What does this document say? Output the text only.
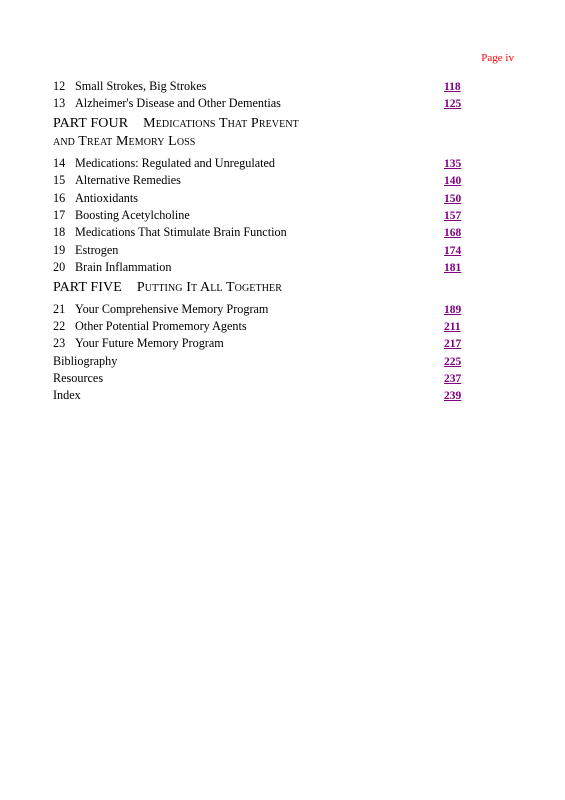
Page iv
12 Small Strokes, Big Strokes	118
13 Alzheimer's Disease and Other Dementias	125
PART FOUR Medications That Prevent
and Treat Memory Loss
14 Medications: Regulated and Unregulated	135
15 Alternative Remedies	140
16 Antioxidants	150
17 Boosting Acetylcholine	157
18 Medications That Stimulate Brain Function	168
19 Estrogen	174
20 Brain Inflammation	181
PART FIVE Putting It All Together
21 Your Comprehensive Memory Program	189
22 Other Potential Promemory Agents	211
23 Your Future Memory Program	217
Bibliography	225
Resources	237
Index	239
